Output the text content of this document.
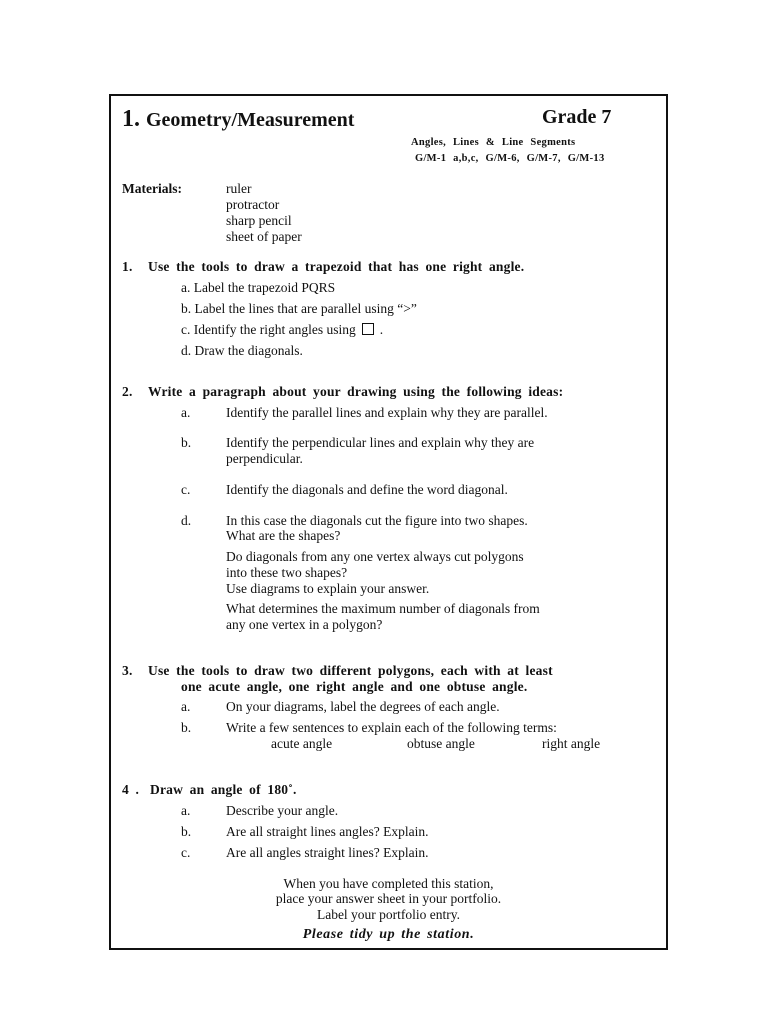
1. Geometry/Measurement	Grade 7
Angles, Lines & Line Segments
G/M-1 a,b,c, G/M-6, G/M-7, G/M-13
Materials:	ruler
protractor
sharp pencil
sheet of paper
1. Use the tools to draw a trapezoid that has one right angle.
a. Label the trapezoid PQRS
b. Label the lines that are parallel using “>”
c. Identify the right angles using .
d. Draw the diagonals.
2. Write a paragraph about your drawing using the following ideas:
a.	Identify the parallel lines and explain why they are parallel.
b.	Identify the perpendicular lines and explain why they are
perpendicular.
c.	Identify the diagonals and define the word diagonal.
d.	In this case the diagonals cut the figure into two shapes.
What are the shapes?
Do diagonals from any one vertex always cut polygons
into these two shapes?
Use diagrams to explain your answer.
What determines the maximum number of diagonals from
any one vertex in a polygon?
3. Use the tools to draw two different polygons, each with at least
one acute angle, one right angle and one obtuse angle.
a.	On your diagrams, label the degrees of each angle.
b.	Write a few sentences to explain each of the following terms:
acute angle	obtuse angle	right angle
4 . Draw an angle of 180˚.
a.	Describe your angle.
b.	Are all straight lines angles? Explain.
c.	Are all angles straight lines? Explain.
When you have completed this station,
place your answer sheet in your portfolio.
Label your portfolio entry.
Please tidy up the station.
